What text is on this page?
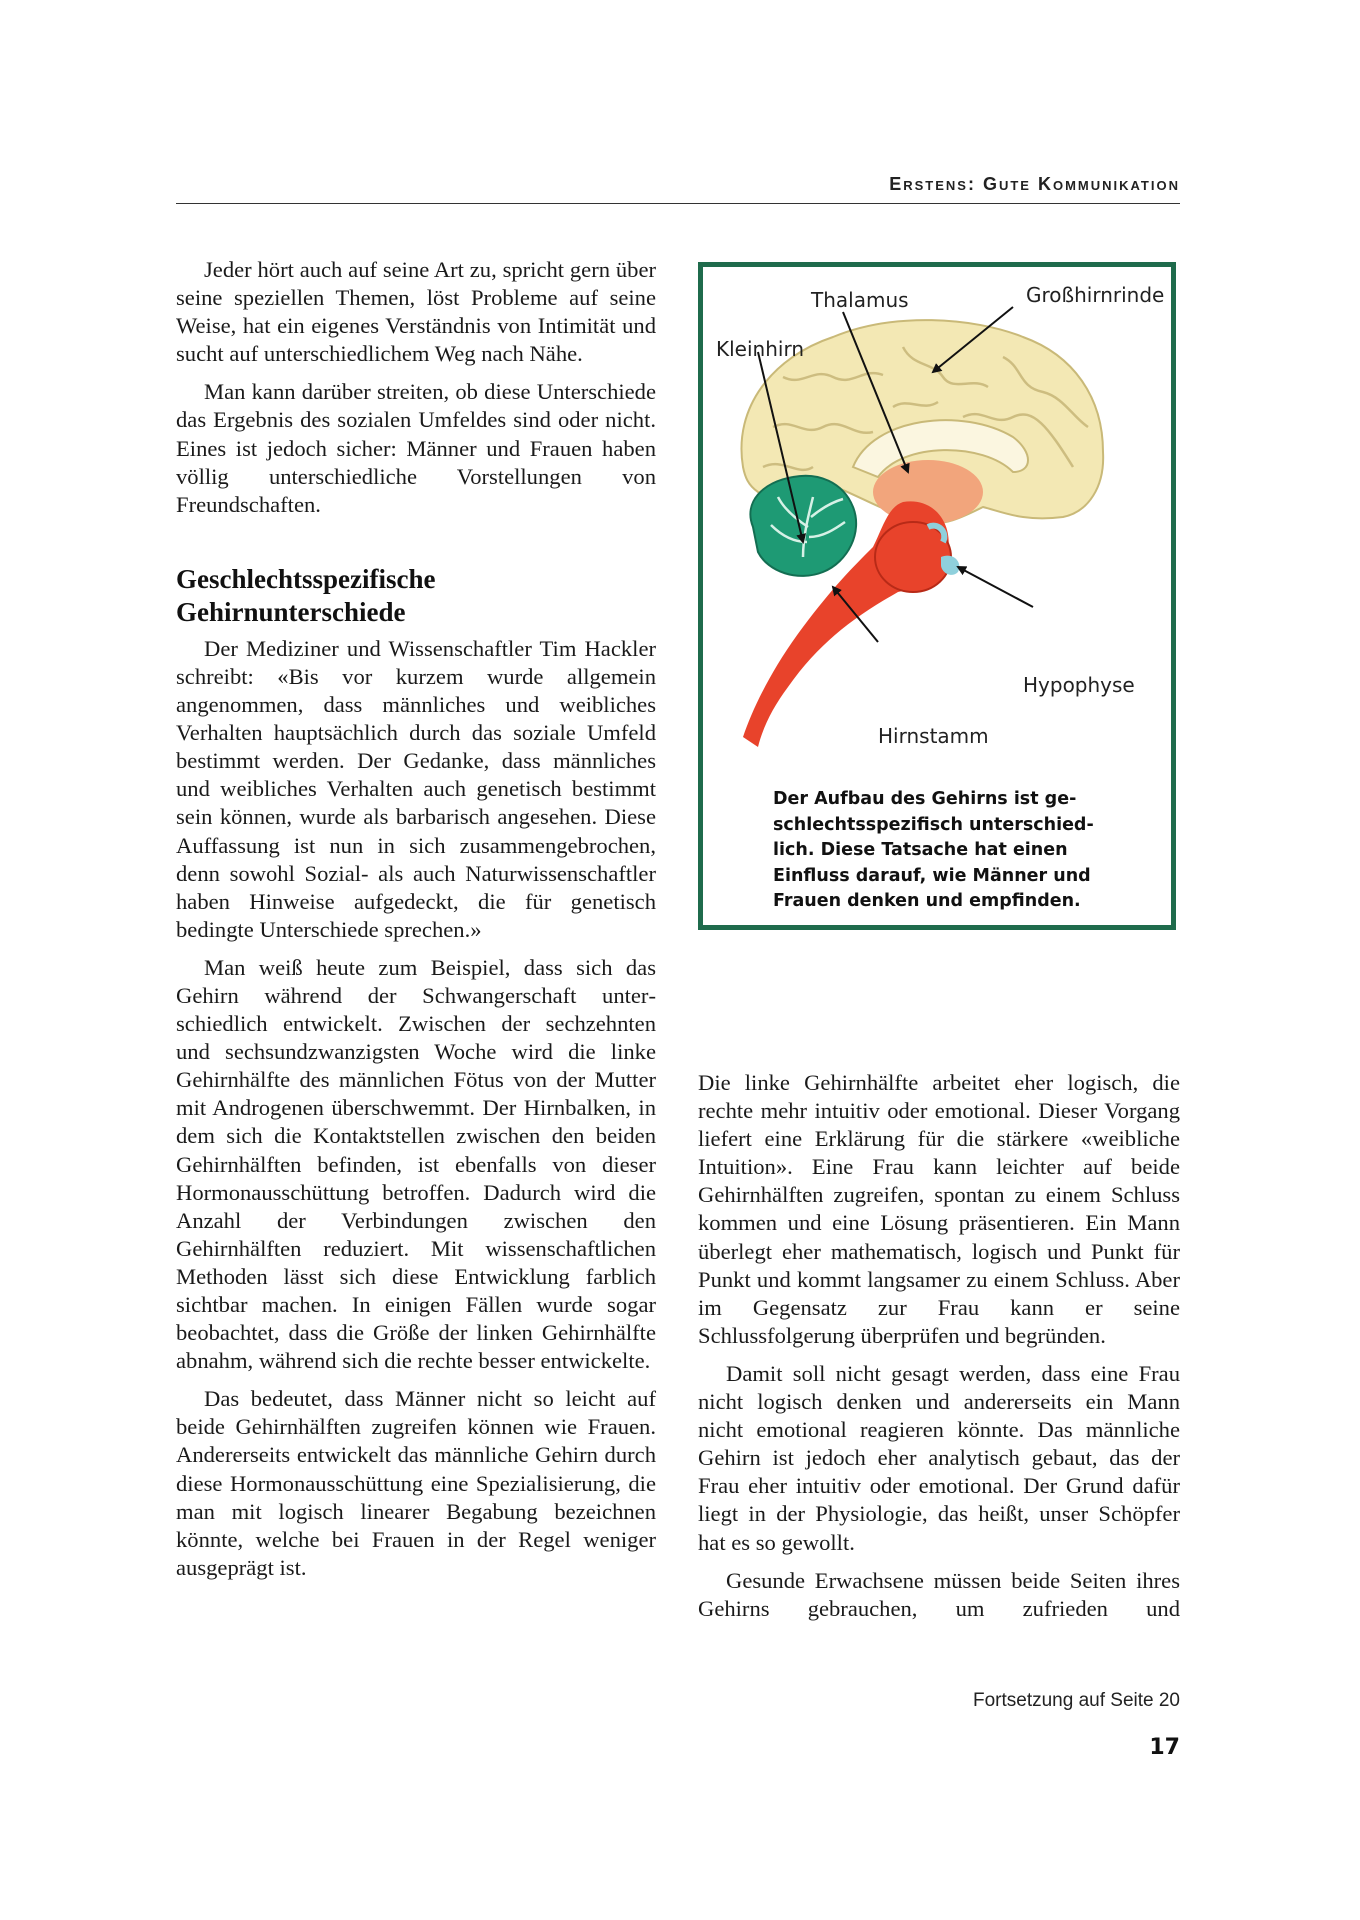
Erstens: Gute Kommunikation

Jeder hört auch auf seine Art zu, spricht gern über seine speziellen Themen, löst Probleme auf seine Weise, hat ein eigenes Verständnis von Intimität und sucht auf unterschiedlichem Weg nach Nähe.

Man kann darüber streiten, ob diese Unterschiede das Ergebnis des sozialen Umfeldes sind oder nicht. Eines ist jedoch sicher: Männer und Frauen haben völlig unterschiedliche Vorstellungen von Freundschaften.

Geschlechtsspezifische Gehirnunterschiede

Der Mediziner und Wissenschaftler Tim Hackler schreibt: «Bis vor kurzem wurde allgemein angenommen, dass männliches und weibliches Verhalten hauptsächlich durch das soziale Umfeld bestimmt werden. Der Gedanke, dass männliches und weibliches Verhalten auch genetisch bestimmt sein können, wurde als barbarisch angesehen. Diese Auffassung ist nun in sich zusammengebrochen, denn sowohl Sozial- als auch Naturwissenschaftler haben Hinweise aufgedeckt, die für genetisch bedingte Unterschiede sprechen.»

Man weiß heute zum Beispiel, dass sich das Gehirn während der Schwangerschaft unterschiedlich entwickelt. Zwischen der sechzehnten und sechsundzwanzigsten Woche wird die linke Gehirnhälfte des männlichen Fötus von der Mutter mit Androgenen überschwemmt. Der Hirnbalken, in dem sich die Kontaktstellen zwischen den beiden Gehirnhälften befinden, ist ebenfalls von dieser Hormonausschüttung betroffen. Dadurch wird die Anzahl der Verbindungen zwischen den Gehirnhälften reduziert. Mit wissenschaftlichen Methoden lässt sich diese Entwicklung farblich sichtbar machen. In einigen Fällen wurde sogar beobachtet, dass die Größe der linken Gehirnhälfte abnahm, während sich die rechte besser entwickelte.

Das bedeutet, dass Männer nicht so leicht auf beide Gehirnhälften zugreifen können wie Frauen. Andererseits entwickelt das männliche Gehirn durch diese Hormonausschüttung eine Spezialisierung, die man mit logisch linearer Begabung bezeichnen könnte, welche bei Frauen in der Regel weniger ausgeprägt ist.

Thalamus	Großhirnrinde
Kleinhirn
Hypophyse
Hirnstamm
Der Aufbau des Gehirns ist geschlechtsspezifisch unterschiedlich. Diese Tatsache hat einen Einfluss darauf, wie Männer und Frauen denken und empfinden.

Die linke Gehirnhälfte arbeitet eher logisch, die rechte mehr intuitiv oder emotional. Dieser Vorgang liefert eine Erklärung für die stärkere «weibliche Intuition». Eine Frau kann leichter auf beide Gehirnhälften zugreifen, spontan zu einem Schluss kommen und eine Lösung präsentieren. Ein Mann überlegt eher mathematisch, logisch und Punkt für Punkt und kommt langsamer zu einem Schluss. Aber im Gegensatz zur Frau kann er seine Schlussfolgerung überprüfen und begründen.

Damit soll nicht gesagt werden, dass eine Frau nicht logisch denken und andererseits ein Mann nicht emotional reagieren könnte. Das männliche Gehirn ist jedoch eher analytisch gebaut, das der Frau eher intuitiv oder emotional. Der Grund dafür liegt in der Physiologie, das heißt, unser Schöpfer hat es so gewollt.

Gesunde Erwachsene müssen beide Seiten ihres Gehirns gebrauchen, um zufrieden und

Fortsetzung auf Seite 20
17
